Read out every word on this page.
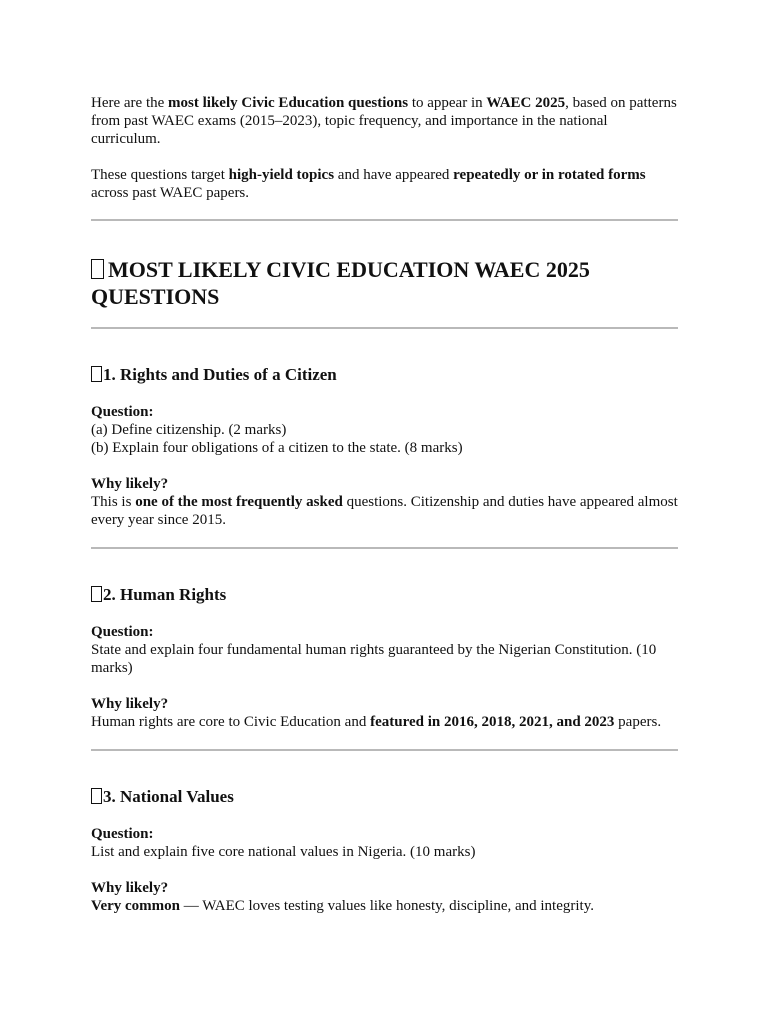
Here are the most likely Civic Education questions to appear in WAEC 2025, based on patterns from past WAEC exams (2015–2023), topic frequency, and importance in the national curriculum.

These questions target high-yield topics and have appeared repeatedly or in rotated forms across past WAEC papers.

MOST LIKELY CIVIC EDUCATION WAEC 2025 QUESTIONS
1. Rights and Duties of a Citizen
Question:
(a) Define citizenship. (2 marks)
(b) Explain four obligations of a citizen to the state. (8 marks)
Why likely?
This is one of the most frequently asked questions. Citizenship and duties have appeared almost every year since 2015.
2. Human Rights
Question:
State and explain four fundamental human rights guaranteed by the Nigerian Constitution. (10 marks)
Why likely?
Human rights are core to Civic Education and featured in 2016, 2018, 2021, and 2023 papers.
3. National Values
Question:
List and explain five core national values in Nigeria. (10 marks)
Why likely?
Very common — WAEC loves testing values like honesty, discipline, and integrity.
